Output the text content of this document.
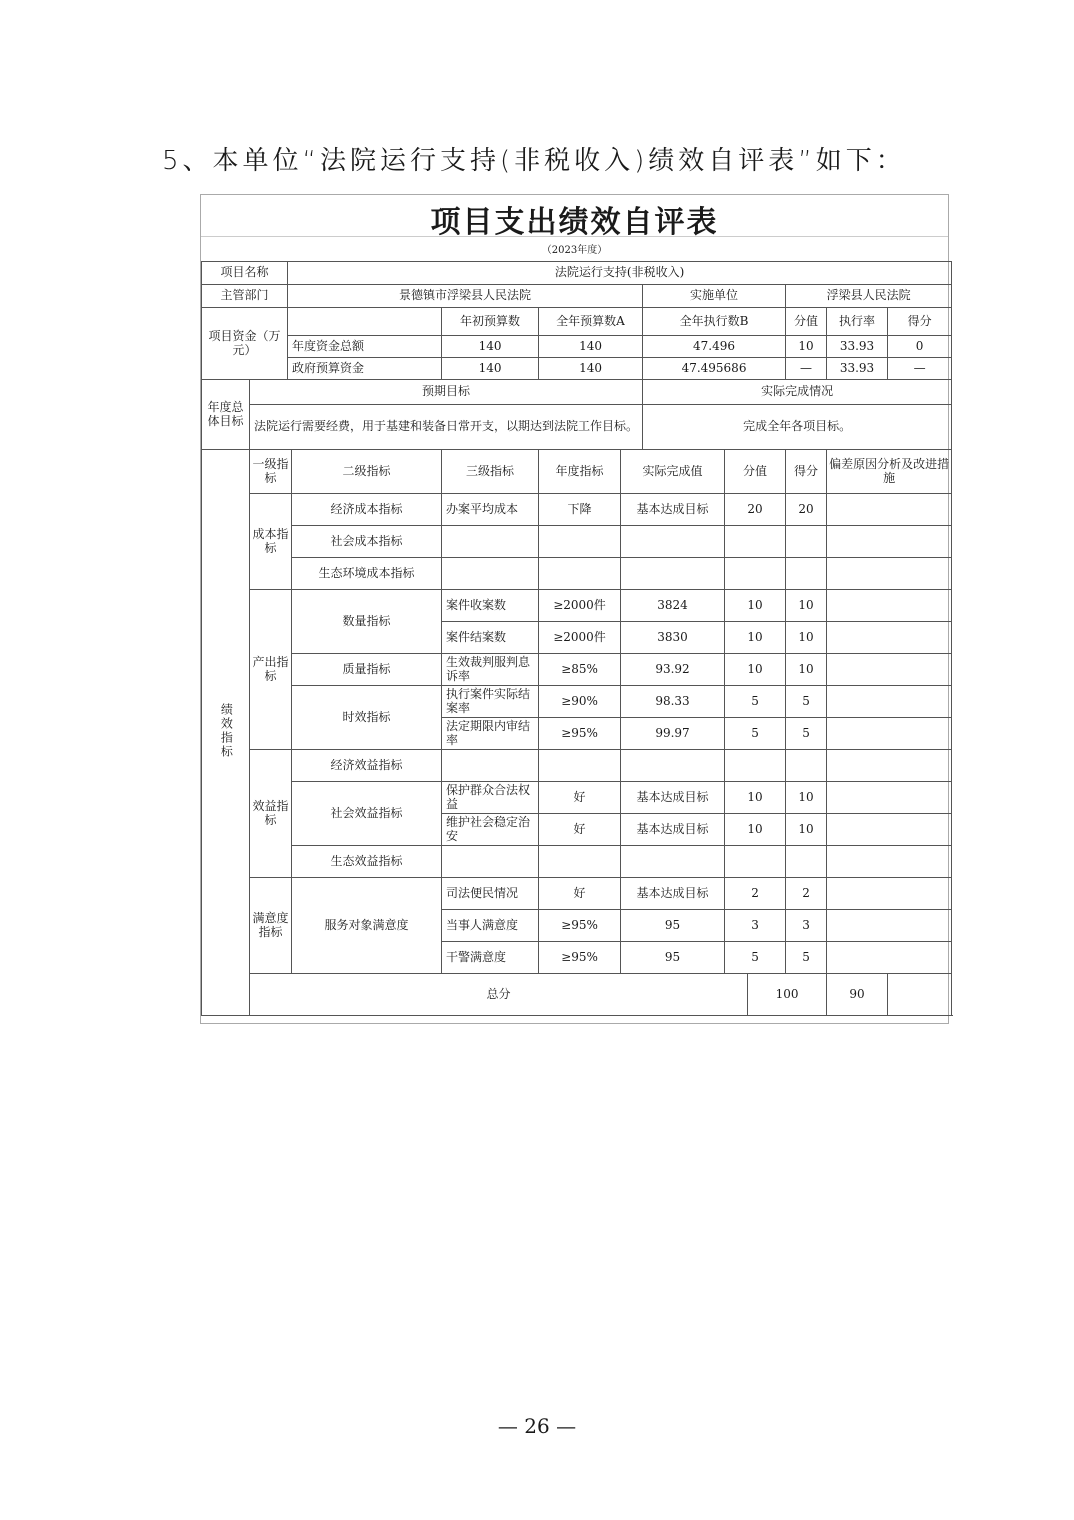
5、本单位“法院运行支持(非税收入)绩效自评表”如下：
项目支出绩效自评表
（2023年度）
项目名称		法院运行支持(非税收入)										
主管部门		景德镇市浮梁县人民法院					实施单位			浮梁县人民法院		
项目资金（万元）				年初预算数	全年预算数A		全年执行数B			分值	执行率	得分
		年度资金总额		140	140		47.496			10	33.93	0
		政府预算资金		140	140		47.495686			—	33.93	—
年度总体目标	预期目标						实际完成情况					
	法院运行需要经费，用于基建和装备日常开支，以期达到法院工作目标。						完成全年各项目标。					
绩效指标	一级指标		二级指标	三级指标	年度指标	实际完成值		分值		得分	偏差原因分析及改进措施	
	成本指标		经济成本指标	办案平均成本	下降	基本达成目标		20		20		
			社会成本指标									
			生态环境成本指标									
	产出指标		数量指标	案件收案数	≥2000件	3824		10		10		
				案件结案数	≥2000件	3830		10		10		
			质量指标	生效裁判服判息诉率	≥85%	93.92		10		10		
			时效指标	执行案件实际结案率	≥90%	98.33		5		5		
				法定期限内审结率	≥95%	99.97		5		5		
	效益指标		经济效益指标									
			社会效益指标	保护群众合法权益	好	基本达成目标		10		10		
				维护社会稳定治安	好	基本达成目标		10		10		
			生态效益指标									
	满意度指标		服务对象满意度	司法便民情况	好	基本达成目标		2		2		
				当事人满意度	≥95%	95		3		3		
				干警满意度	≥95%	95		5		5		
	总分								100		90	
— 26 —
